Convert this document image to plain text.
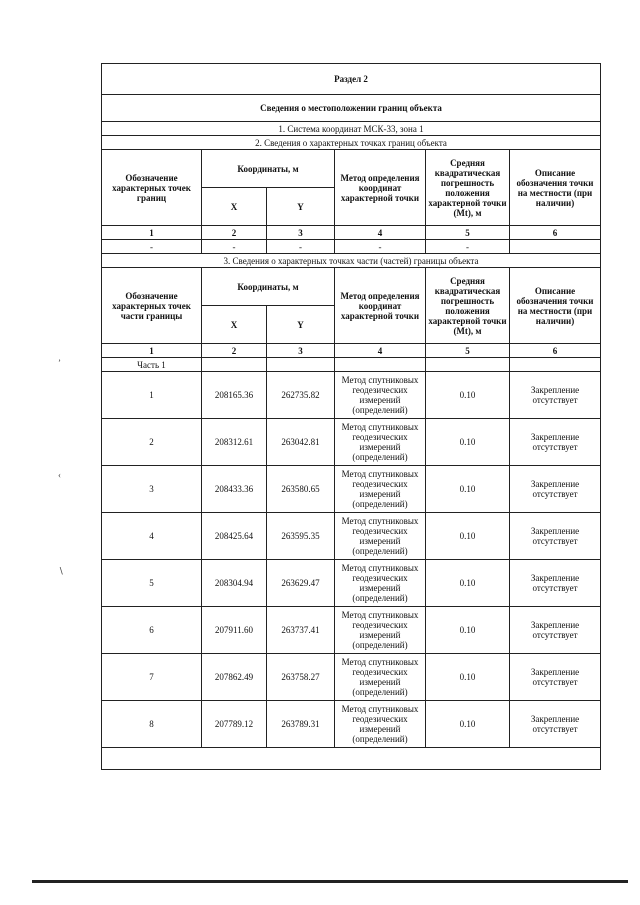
Раздел 2					
Сведения о местоположении границ объекта					
1. Система координат МСК-33, зона 1					
2. Сведения о характерных точках границ объекта					
Обозначение характерных точек границ	Координаты, м		Метод определения координат характерной точки	Средняя квадратическая погрешность положения характерной точки (Mt), м	Описание обозначения точки на местности (при наличии)
	X	Y			
1	2	3	4	5	6
-	-	-	-	-	
3. Сведения о характерных точках части (частей) границы объекта					
Обозначение характерных точек части границы	Координаты, м		Метод определения координат характерной точки	Средняя квадратическая погрешность положения характерной точки (Mt), м	Описание обозначения точки на местности (при наличии)
	X	Y			
1	2	3	4	5	6
Часть 1					
1	208165.36	262735.82	Метод спутниковых геодезических измерений (определений)	0.10	Закрепление отсутствует
2	208312.61	263042.81	Метод спутниковых геодезических измерений (определений)	0.10	Закрепление отсутствует
3	208433.36	263580.65	Метод спутниковых геодезических измерений (определений)	0.10	Закрепление отсутствует
4	208425.64	263595.35	Метод спутниковых геодезических измерений (определений)	0.10	Закрепление отсутствует
5	208304.94	263629.47	Метод спутниковых геодезических измерений (определений)	0.10	Закрепление отсутствует
6	207911.60	263737.41	Метод спутниковых геодезических измерений (определений)	0.10	Закрепление отсутствует
7	207862.49	263758.27	Метод спутниковых геодезических измерений (определений)	0.10	Закрепление отсутствует
8	207789.12	263789.31	Метод спутниковых геодезических измерений (определений)	0.10	Закрепление отсутствует

’
‹
∖
